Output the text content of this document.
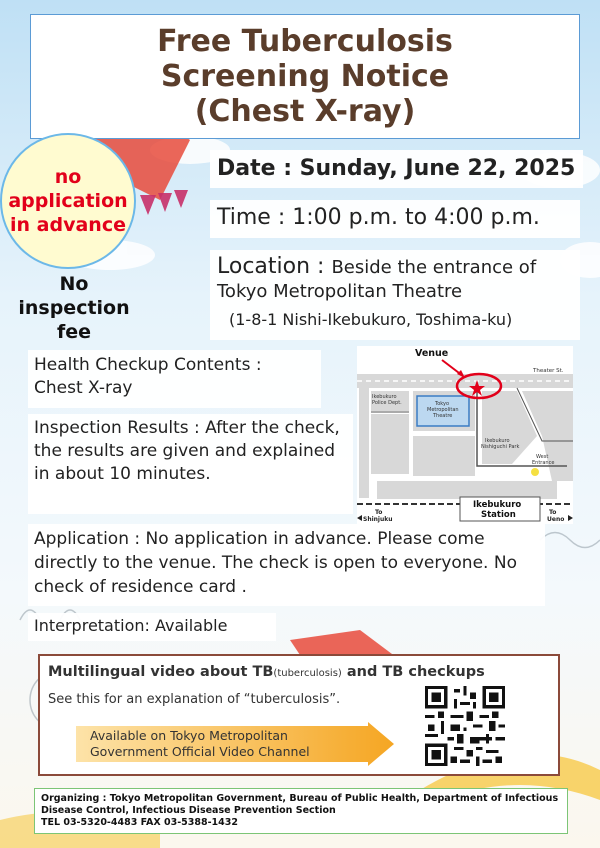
Free Tuberculosis
Screening Notice
(Chest X-ray)
no
application
in advance
No
inspection
fee
Date : Sunday, June 22, 2025
Time : 1:00 p.m. to 4:00 p.m.
Location : Beside the entrance of
Tokyo Metropolitan Theatre
(1-8-1 Nishi-Ikebukuro, Toshima-ku)
Health Checkup Contents :
Chest X-ray
Inspection Results : After the check, the results are given and explained in about 10 minutes.
Application : No application in advance. Please come directly to the venue. The check is open to everyone. No check of residence card .
Interpretation: Available
Venue
Theater St.
Ikebukuro
Police Dept.	Tokyo
Metropolitan
Theatre
Ikebukuro
Nishiguchi Park
West
Entrance
Ikebukuro
Station
To
Shinjuku
To
Ueno
Multilingual video about TB(tuberculosis) and TB checkups
See this for an explanation of “tuberculosis”.
Available on Tokyo Metropolitan
Government Official Video Channel
Organizing : Tokyo Metropolitan Government, Bureau of Public Health, Department of Infectious
Disease Control, Infectious Disease Prevention Section
TEL 03-5320-4483 FAX 03-5388-1432
